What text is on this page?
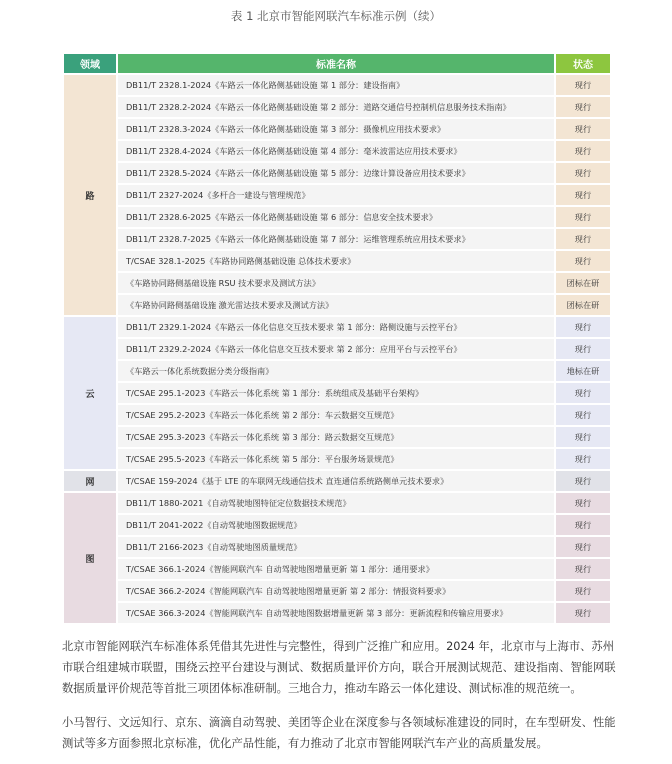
表 1 北京市智能网联汽车标准示例（续）
领域	标准名称	状态
路	DB11/T 2328.1-2024《车路云一体化路侧基础设施 第 1 部分：建设指南》	现行
	DB11/T 2328.2-2024《车路云一体化路侧基础设施 第 2 部分：道路交通信号控制机信息服务技术指南》	现行
	DB11/T 2328.3-2024《车路云一体化路侧基础设施 第 3 部分：摄像机应用技术要求》	现行
	DB11/T 2328.4-2024《车路云一体化路侧基础设施 第 4 部分：毫米波雷达应用技术要求》	现行
	DB11/T 2328.5-2024《车路云一体化路侧基础设施 第 5 部分：边缘计算设备应用技术要求》	现行
	DB11/T 2327-2024《多杆合一建设与管理规范》	现行
	DB11/T 2328.6-2025《车路云一体化路侧基础设施 第 6 部分：信息安全技术要求》	现行
	DB11/T 2328.7-2025《车路云一体化路侧基础设施 第 7 部分：运维管理系统应用技术要求》	现行
	T/CSAE 328.1-2025《车路协同路侧基础设施 总体技术要求》	现行
	《车路协同路侧基础设施 RSU 技术要求及测试方法》	团标在研
	《车路协同路侧基础设施 激光雷达技术要求及测试方法》	团标在研
云	DB11/T 2329.1-2024《车路云一体化信息交互技术要求 第 1 部分：路侧设施与云控平台》	现行
	DB11/T 2329.2-2024《车路云一体化信息交互技术要求 第 2 部分：应用平台与云控平台》	现行
	《车路云一体化系统数据分类分级指南》	地标在研
	T/CSAE 295.1-2023《车路云一体化系统 第 1 部分：系统组成及基础平台架构》	现行
	T/CSAE 295.2-2023《车路云一体化系统 第 2 部分：车云数据交互规范》	现行
	T/CSAE 295.3-2023《车路云一体化系统 第 3 部分：路云数据交互规范》	现行
	T/CSAE 295.5-2023《车路云一体化系统 第 5 部分：平台服务场景规范》	现行
网	T/CSAE 159-2024《基于 LTE 的车联网无线通信技术 直连通信系统路侧单元技术要求》	现行
图	DB11/T 1880-2021《自动驾驶地图特征定位数据技术规范》	现行
	DB11/T 2041-2022《自动驾驶地图数据规范》	现行
	DB11/T 2166-2023《自动驾驶地图质量规范》	现行
	T/CSAE 366.1-2024《智能网联汽车 自动驾驶地图增量更新 第 1 部分：通用要求》	现行
	T/CSAE 366.2-2024《智能网联汽车 自动驾驶地图增量更新 第 2 部分：情报资料要求》	现行
	T/CSAE 366.3-2024《智能网联汽车 自动驾驶地图数据增量更新 第 3 部分：更新流程和传输应用要求》	现行

北京市智能网联汽车标准体系凭借其先进性与完整性，得到广泛推广和应用。2024 年，北京市与上海市、苏州市联合组建城市联盟，围绕云控平台建设与测试、数据质量评价方向，联合开展测试规范、建设指南、智能网联数据质量评价规范等首批三项团体标准研制。三地合力，推动车路云一体化建设、测试标准的规范统一。

小马智行、文远知行、京东、滴滴自动驾驶、美团等企业在深度参与各领域标准建设的同时，在车型研发、性能测试等多方面参照北京标准，优化产品性能，有力推动了北京市智能网联汽车产业的高质量发展。
